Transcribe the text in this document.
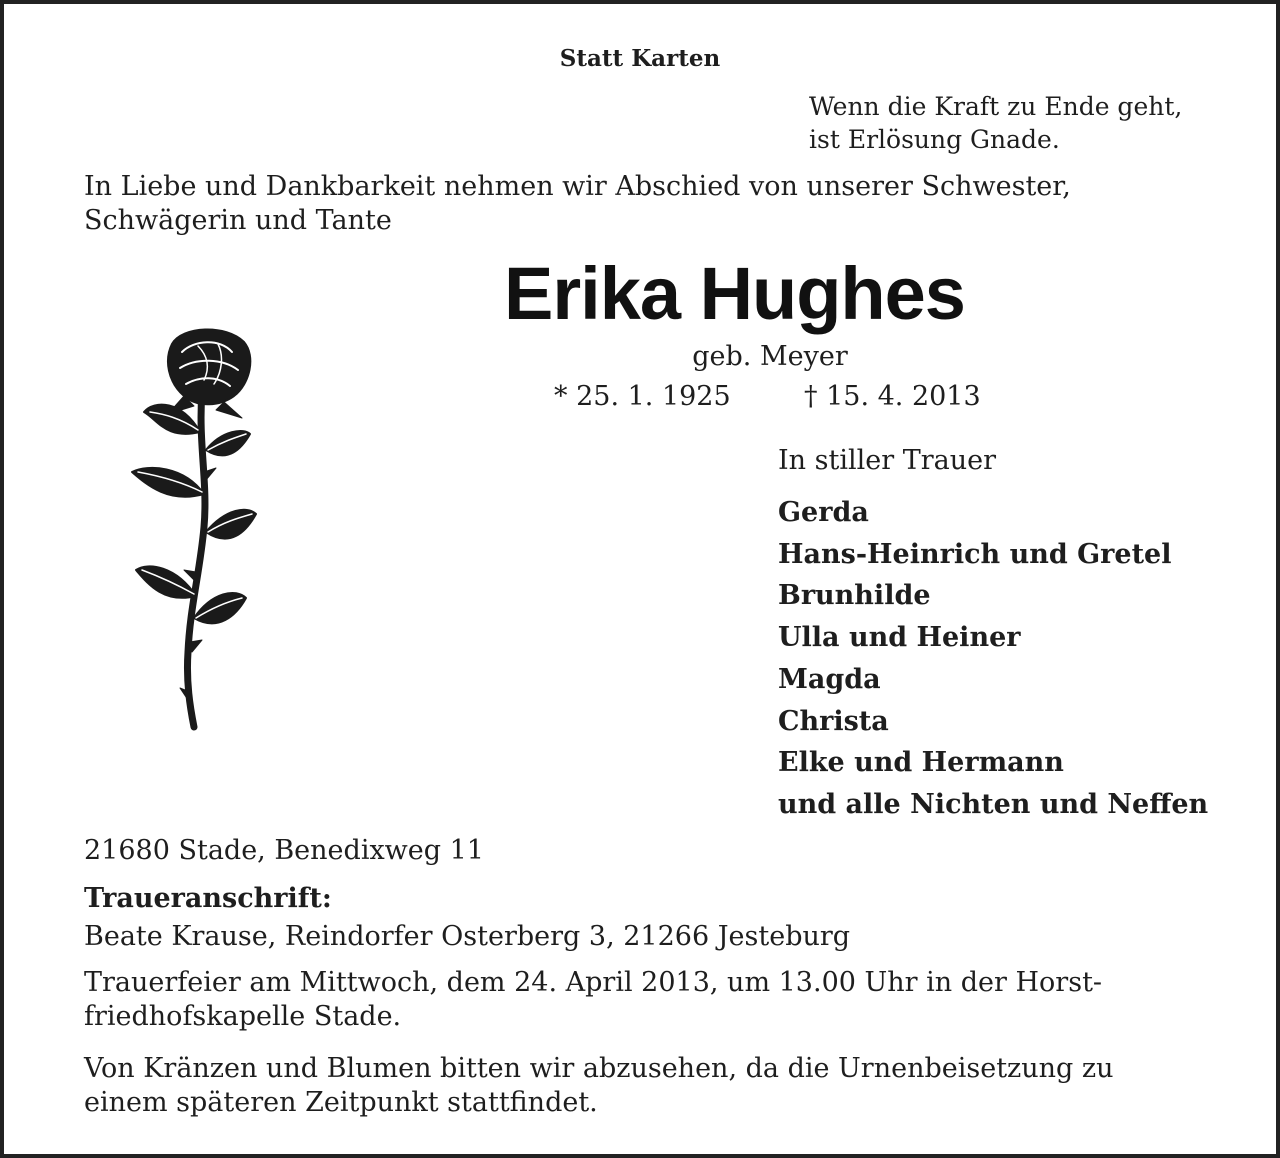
Statt Karten
Wenn die Kraft zu Ende geht,
ist Erlösung Gnade.
In Liebe und Dankbarkeit nehmen wir Abschied von unserer Schwester,
Schwägerin und Tante
Erika Hughes
geb. Meyer
* 25. 1. 1925	† 15. 4. 2013
In stiller Trauer
Gerda
Hans-Heinrich und Gretel
Brunhilde
Ulla und Heiner
Magda
Christa
Elke und Hermann
und alle Nichten und Neffen
21680 Stade, Benedixweg 11
Traueranschrift:
Beate Krause, Reindorfer Osterberg 3, 21266 Jesteburg
Trauerfeier am Mittwoch, dem 24. April 2013, um 13.00 Uhr in der Horst-
friedhofskapelle Stade.
Von Kränzen und Blumen bitten wir abzusehen, da die Urnenbeisetzung zu
einem späteren Zeitpunkt stattfindet.
